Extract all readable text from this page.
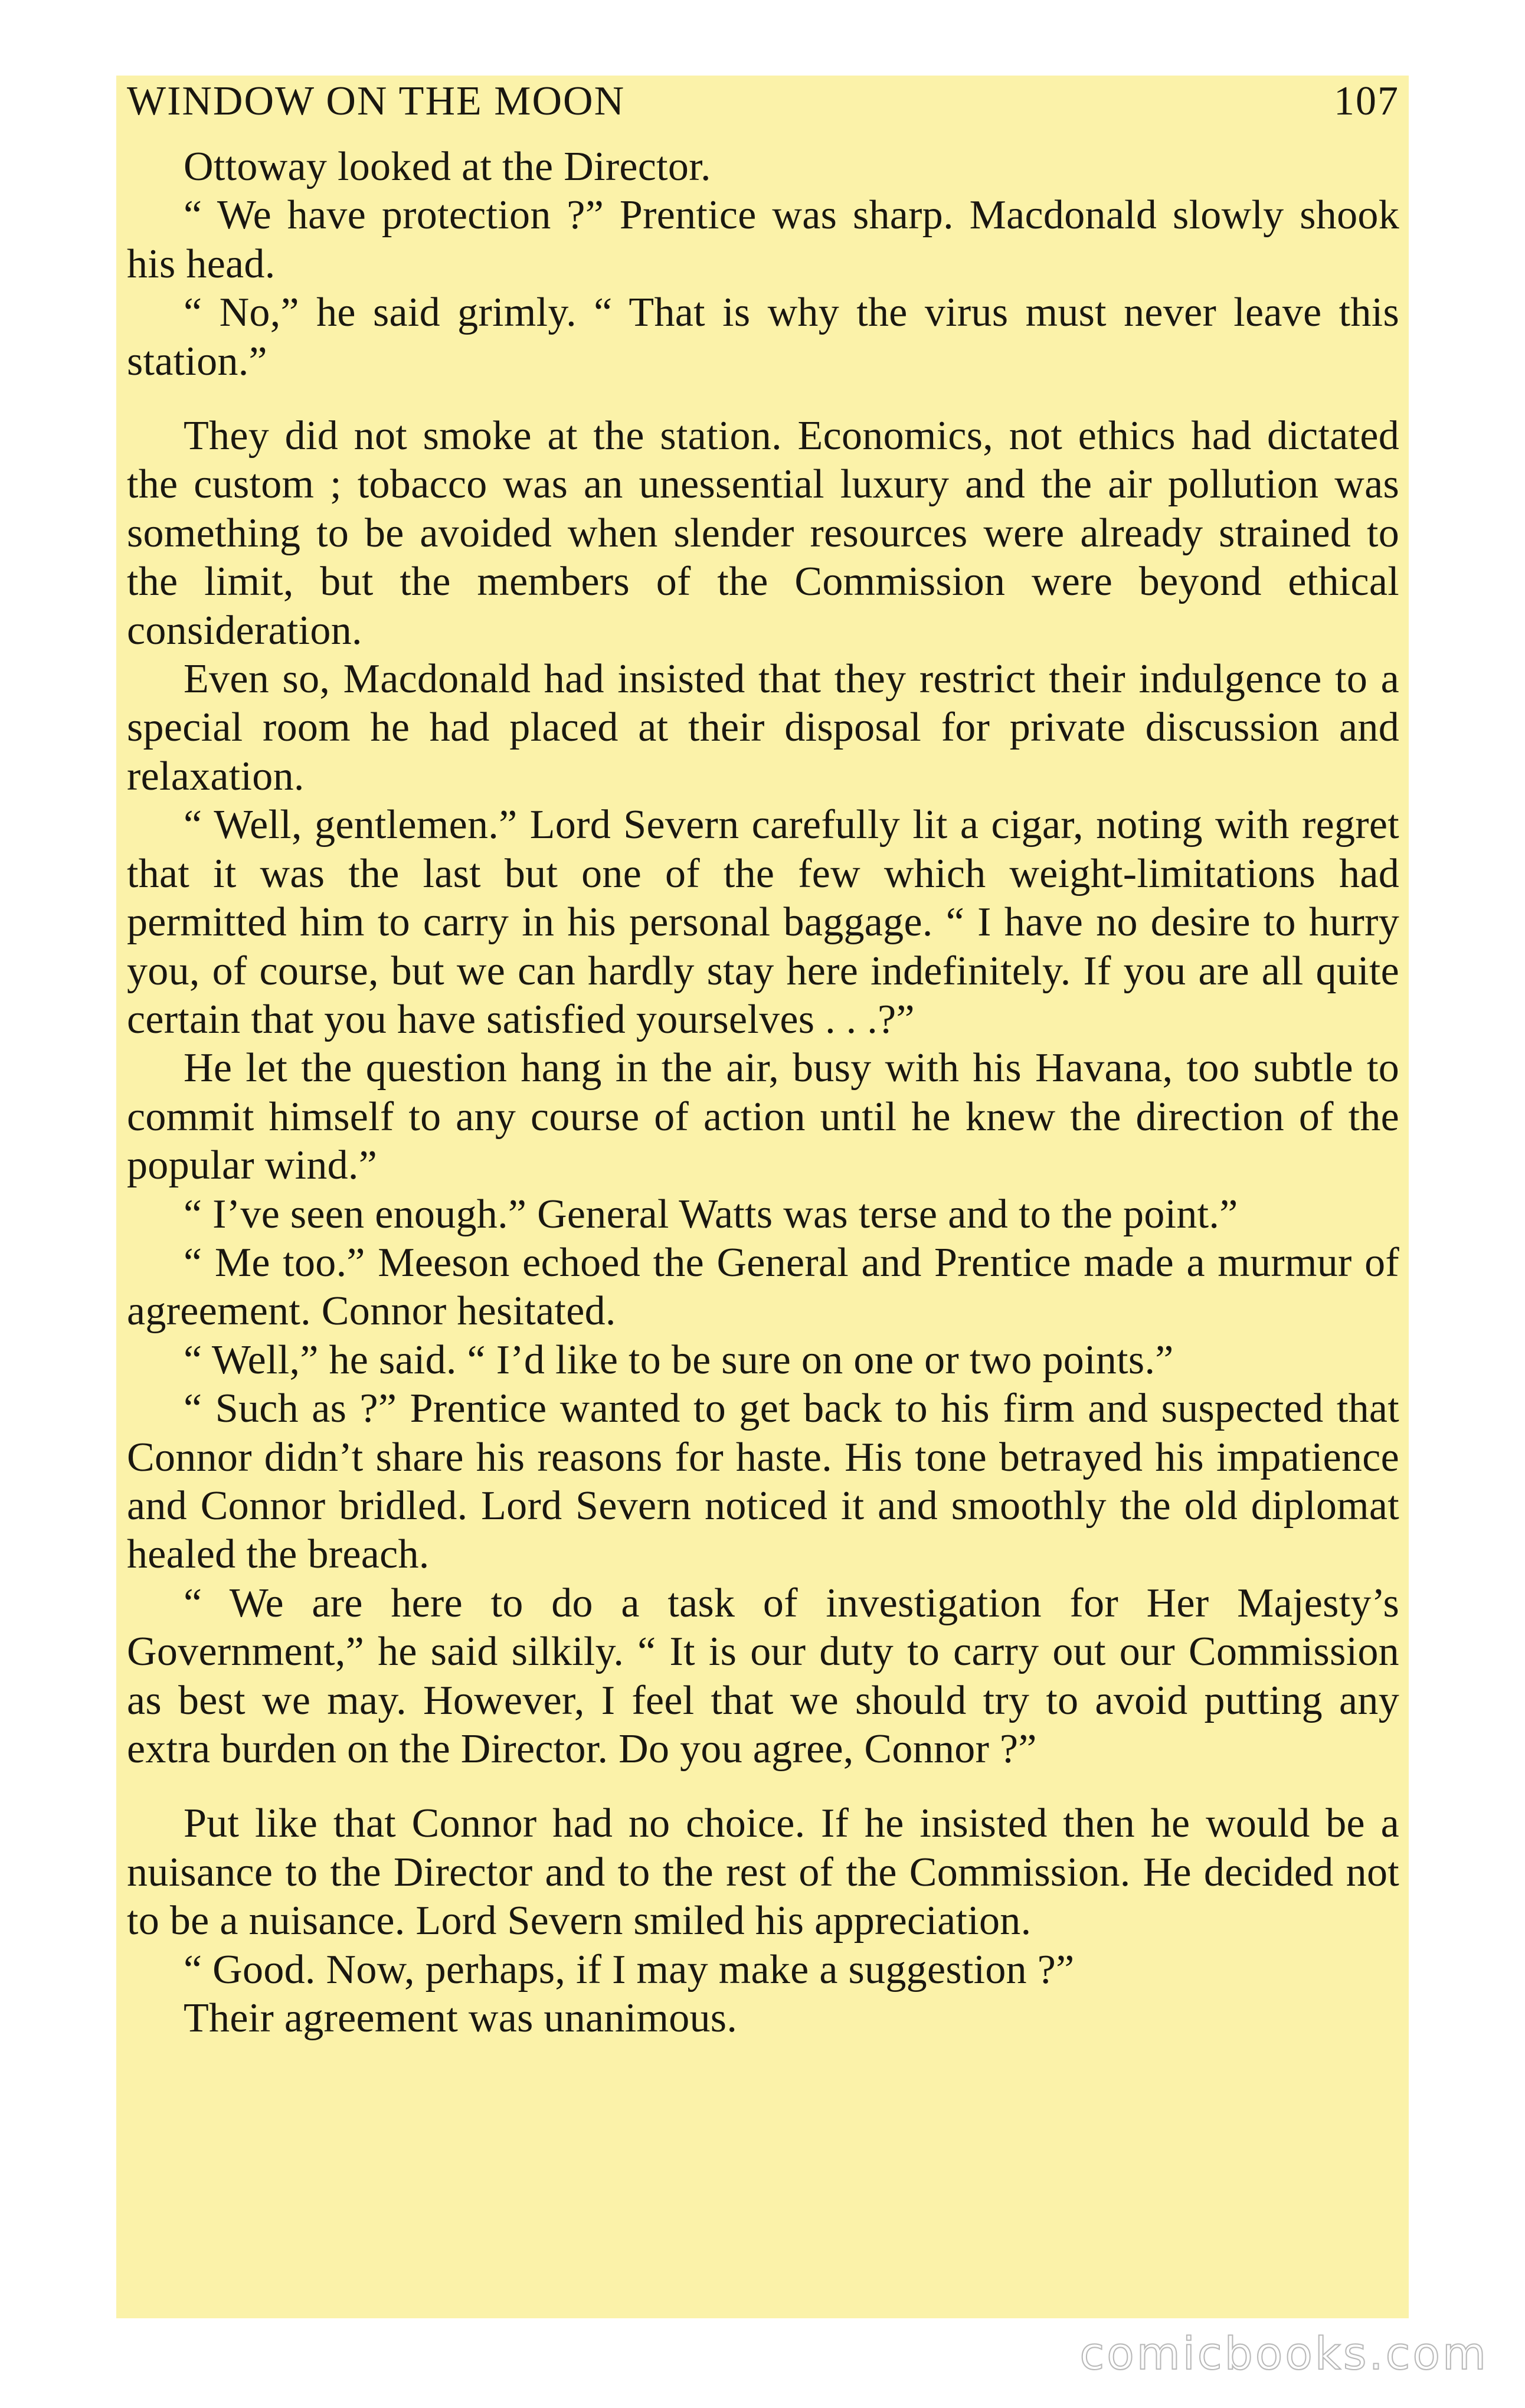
WINDOW ON THE MOON	107

Ottoway looked at the Director.

“ We have protection ?” Prentice was sharp. Macdonald slowly shook his head.

“ No,” he said grimly. “ That is why the virus must never leave this station.”

They did not smoke at the station. Economics, not ethics had dictated the custom ; tobacco was an unessential luxury and the air pollution was something to be avoided when slender resources were already strained to the limit, but the members of the Commission were beyond ethical consideration.

Even so, Macdonald had insisted that they restrict their indulgence to a special room he had placed at their disposal for private discussion and relaxation.

“ Well, gentlemen.” Lord Severn carefully lit a cigar, noting with regret that it was the last but one of the few which weight-limitations had permitted him to carry in his personal baggage. “ I have no desire to hurry you, of course, but we can hardly stay here indefinitely. If you are all quite certain that you have satisfied yourselves . . .?”

He let the question hang in the air, busy with his Havana, too subtle to commit himself to any course of action until he knew the direction of the popular wind.”

“ I’ve seen enough.” General Watts was terse and to the point.”

“ Me too.” Meeson echoed the General and Prentice made a murmur of agreement. Connor hesitated.

“ Well,” he said. “ I’d like to be sure on one or two points.”

“ Such as ?” Prentice wanted to get back to his firm and suspected that Connor didn’t share his reasons for haste. His tone betrayed his impatience and Connor bridled. Lord Severn noticed it and smoothly the old diplomat healed the breach.

“ We are here to do a task of investigation for Her Majesty’s Government,” he said silkily. “ It is our duty to carry out our Commission as best we may. However, I feel that we should try to avoid putting any extra burden on the Director. Do you agree, Connor ?”

Put like that Connor had no choice. If he insisted then he would be a nuisance to the Director and to the rest of the Commission. He decided not to be a nuisance. Lord Severn smiled his appreciation.

“ Good. Now, perhaps, if I may make a suggestion ?”

Their agreement was unanimous.

comicbooks.com
